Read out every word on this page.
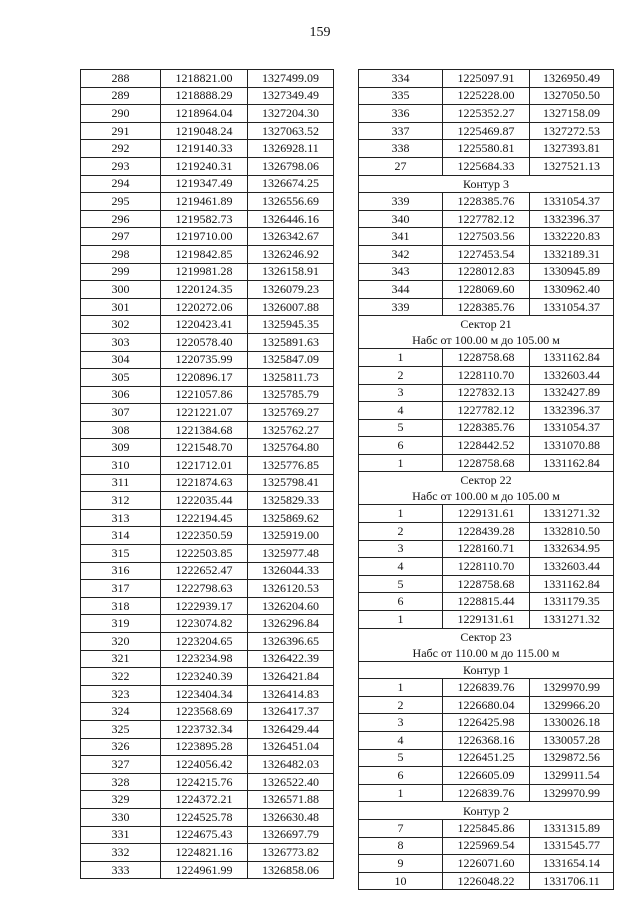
159
288	1218821.00	1327499.09
289	1218888.29	1327349.49
290	1218964.04	1327204.30
291	1219048.24	1327063.52
292	1219140.33	1326928.11
293	1219240.31	1326798.06
294	1219347.49	1326674.25
295	1219461.89	1326556.69
296	1219582.73	1326446.16
297	1219710.00	1326342.67
298	1219842.85	1326246.92
299	1219981.28	1326158.91
300	1220124.35	1326079.23
301	1220272.06	1326007.88
302	1220423.41	1325945.35
303	1220578.40	1325891.63
304	1220735.99	1325847.09
305	1220896.17	1325811.73
306	1221057.86	1325785.79
307	1221221.07	1325769.27
308	1221384.68	1325762.27
309	1221548.70	1325764.80
310	1221712.01	1325776.85
311	1221874.63	1325798.41
312	1222035.44	1325829.33
313	1222194.45	1325869.62
314	1222350.59	1325919.00
315	1222503.85	1325977.48
316	1222652.47	1326044.33
317	1222798.63	1326120.53
318	1222939.17	1326204.60
319	1223074.82	1326296.84
320	1223204.65	1326396.65
321	1223234.98	1326422.39
322	1223240.39	1326421.84
323	1223404.34	1326414.83
324	1223568.69	1326417.37
325	1223732.34	1326429.44
326	1223895.28	1326451.04
327	1224056.42	1326482.03
328	1224215.76	1326522.40
329	1224372.21	1326571.88
330	1224525.78	1326630.48
331	1224675.43	1326697.79
332	1224821.16	1326773.82
333	1224961.99	1326858.06
334	1225097.91	1326950.49
335	1225228.00	1327050.50
336	1225352.27	1327158.09
337	1225469.87	1327272.53
338	1225580.81	1327393.81
27	1225684.33	1327521.13

Контур 3		

339	1228385.76	1331054.37
340	1227782.12	1332396.37
341	1227503.56	1332220.83
342	1227453.54	1332189.31
343	1228012.83	1330945.89
344	1228069.60	1330962.40
339	1228385.76	1331054.37

Сектор 21
Набс от 100.00 м до 105.00 м		

1	1228758.68	1331162.84
2	1228110.70	1332603.44
3	1227832.13	1332427.89
4	1227782.12	1332396.37
5	1228385.76	1331054.37
6	1228442.52	1331070.88
1	1228758.68	1331162.84

Сектор 22
Набс от 100.00 м до 105.00 м		

1	1229131.61	1331271.32
2	1228439.28	1332810.50
3	1228160.71	1332634.95
4	1228110.70	1332603.44
5	1228758.68	1331162.84
6	1228815.44	1331179.35
1	1229131.61	1331271.32

Сектор 23
Набс от 110.00 м до 115.00 м		

Контур 1		

1	1226839.76	1329970.99
2	1226680.04	1329966.20
3	1226425.98	1330026.18
4	1226368.16	1330057.28
5	1226451.25	1329872.56
6	1226605.09	1329911.54
1	1226839.76	1329970.99

Контур 2		

7	1225845.86	1331315.89
8	1225969.54	1331545.77
9	1226071.60	1331654.14
10	1226048.22	1331706.11
